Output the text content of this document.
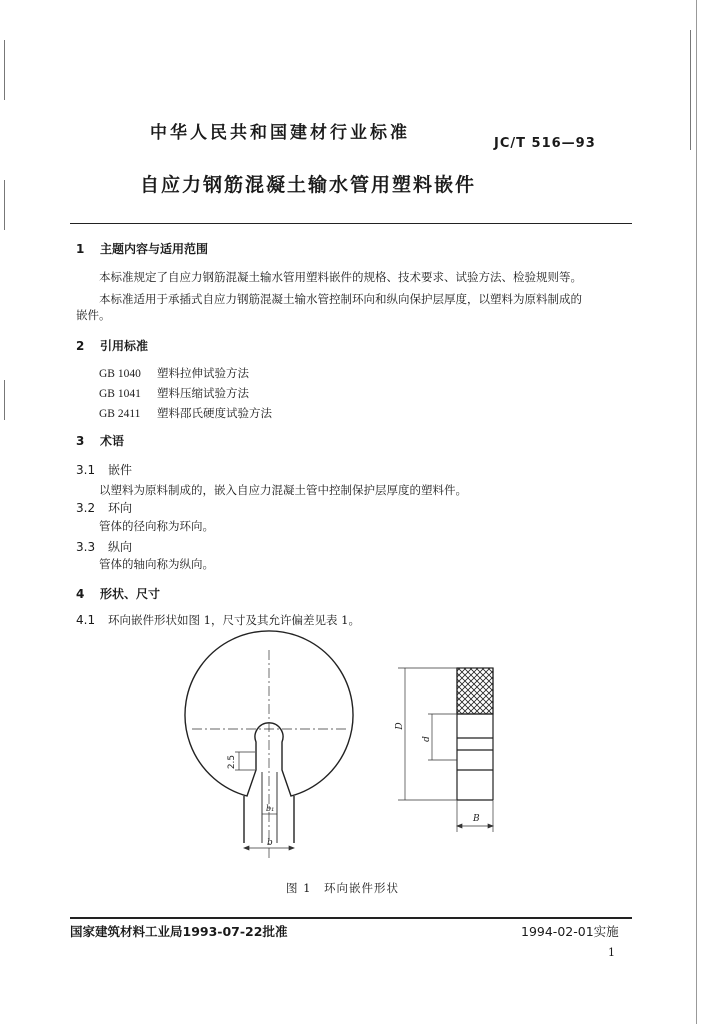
中华人民共和国建材行业标准
JC/T 516—93
自应力钢筋混凝土输水管用塑料嵌件
1 主题内容与适用范围
本标准规定了自应力钢筋混凝土输水管用塑料嵌件的规格、技术要求、试验方法、检验规则等。
本标准适用于承插式自应力钢筋混凝土输水管控制环向和纵向保护层厚度，以塑料为原料制成的
嵌件。
2 引用标准
GB 1040 塑料拉伸试验方法
GB 1041 塑料压缩试验方法
GB 2411 塑料邵氏硬度试验方法
3 术语
3.1 嵌件
以塑料为原料制成的，嵌入自应力混凝土管中控制保护层厚度的塑料件。
3.2 环向
管体的径向称为环向。
3.3 纵向
管体的轴向称为纵向。
4 形状、尺寸
4.1 环向嵌件形状如图 1，尺寸及其允许偏差见表 1。
2.5
b₁
b
D
d
B
图 1　环向嵌件形状
国家建筑材料工业局1993-07-22批准	1994-02-01实施
1
